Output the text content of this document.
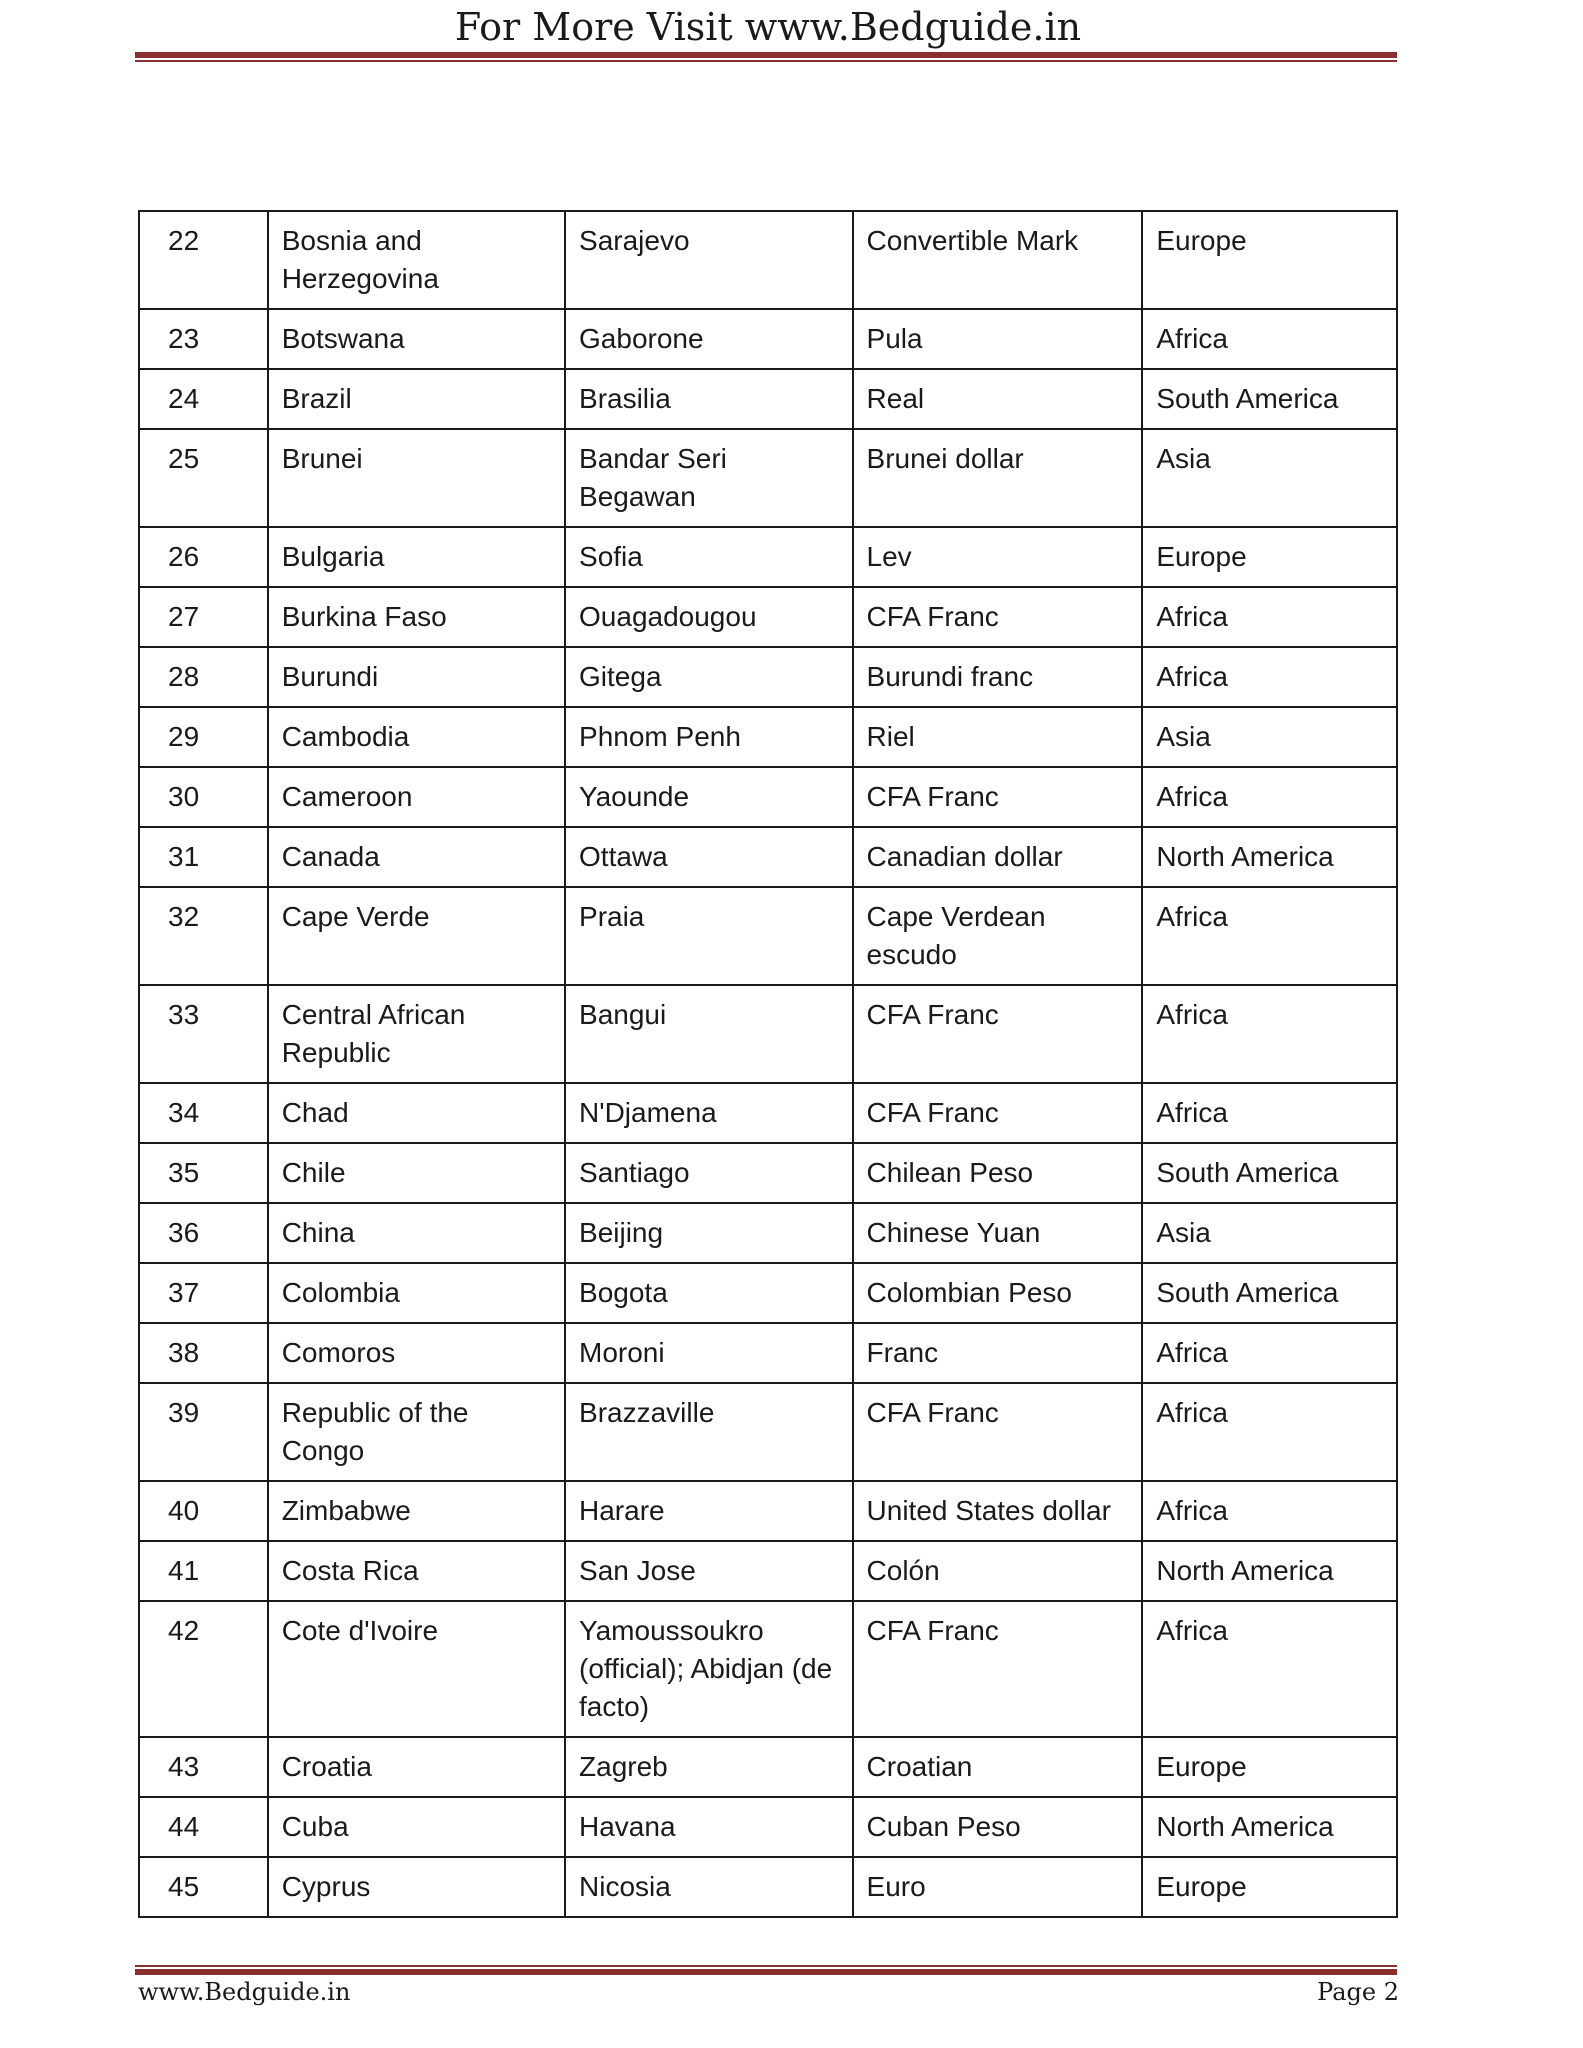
For More Visit www.Bedguide.in
22	Bosnia and Herzegovina	Sarajevo	Convertible Mark	Europe
23	Botswana	Gaborone	Pula	Africa
24	Brazil	Brasilia	Real	South America
25	Brunei	Bandar Seri Begawan	Brunei dollar	Asia
26	Bulgaria	Sofia	Lev	Europe
27	Burkina Faso	Ouagadougou	CFA Franc	Africa
28	Burundi	Gitega	Burundi franc	Africa
29	Cambodia	Phnom Penh	Riel	Asia
30	Cameroon	Yaounde	CFA Franc	Africa
31	Canada	Ottawa	Canadian dollar	North America
32	Cape Verde	Praia	Cape Verdean escudo	Africa
33	Central African Republic	Bangui	CFA Franc	Africa
34	Chad	N'Djamena	CFA Franc	Africa
35	Chile	Santiago	Chilean Peso	South America
36	China	Beijing	Chinese Yuan	Asia
37	Colombia	Bogota	Colombian Peso	South America
38	Comoros	Moroni	Franc	Africa
39	Republic of the Congo	Brazzaville	CFA Franc	Africa
40	Zimbabwe	Harare	United States dollar	Africa
41	Costa Rica	San Jose	Colón	North America
42	Cote d'Ivoire	Yamoussoukro (official); Abidjan (de facto)	CFA Franc	Africa
43	Croatia	Zagreb	Croatian	Europe
44	Cuba	Havana	Cuban Peso	North America
45	Cyprus	Nicosia	Euro	Europe
www.Bedguide.in	Page 2
